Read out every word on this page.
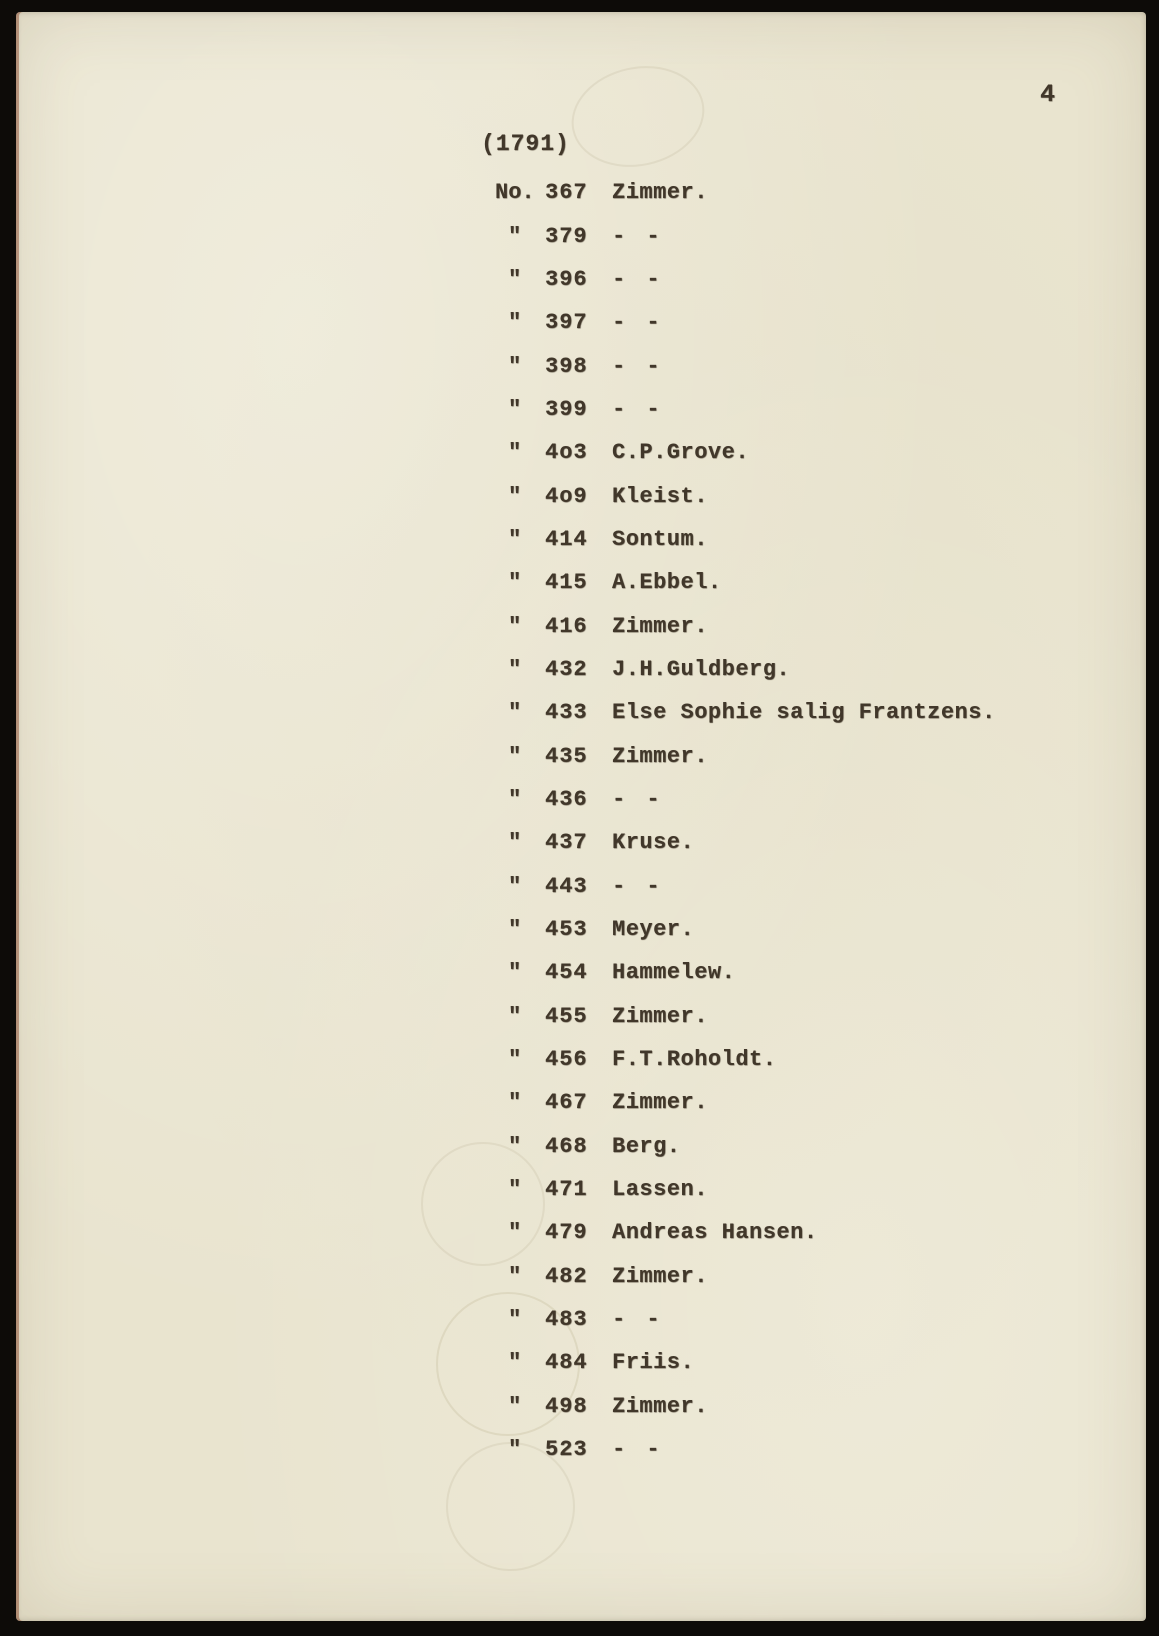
4
(1791)
No. 367	Zimmer.
"	379	- -
"	396	- -
"	397	- -
"	398	- -
"	399	- -
"	4o3	C.P.Grove.
"	4o9	Kleist.
"	414	Sontum.
"	415	A.Ebbel.
"	416	Zimmer.
"	432	J.H.Guldberg.
"	433	Else Sophie salig Frantzens.
"	435	Zimmer.
"	436	- -
"	437	Kruse.
"	443	- -
"	453	Meyer.
"	454	Hammelew.
"	455	Zimmer.
"	456	F.T.Roholdt.
"	467	Zimmer.
"	468	Berg.
"	471	Lassen.
"	479	Andreas Hansen.
"	482	Zimmer.
"	483	- -
"	484	Friis.
"	498	Zimmer.
"	523	- -
